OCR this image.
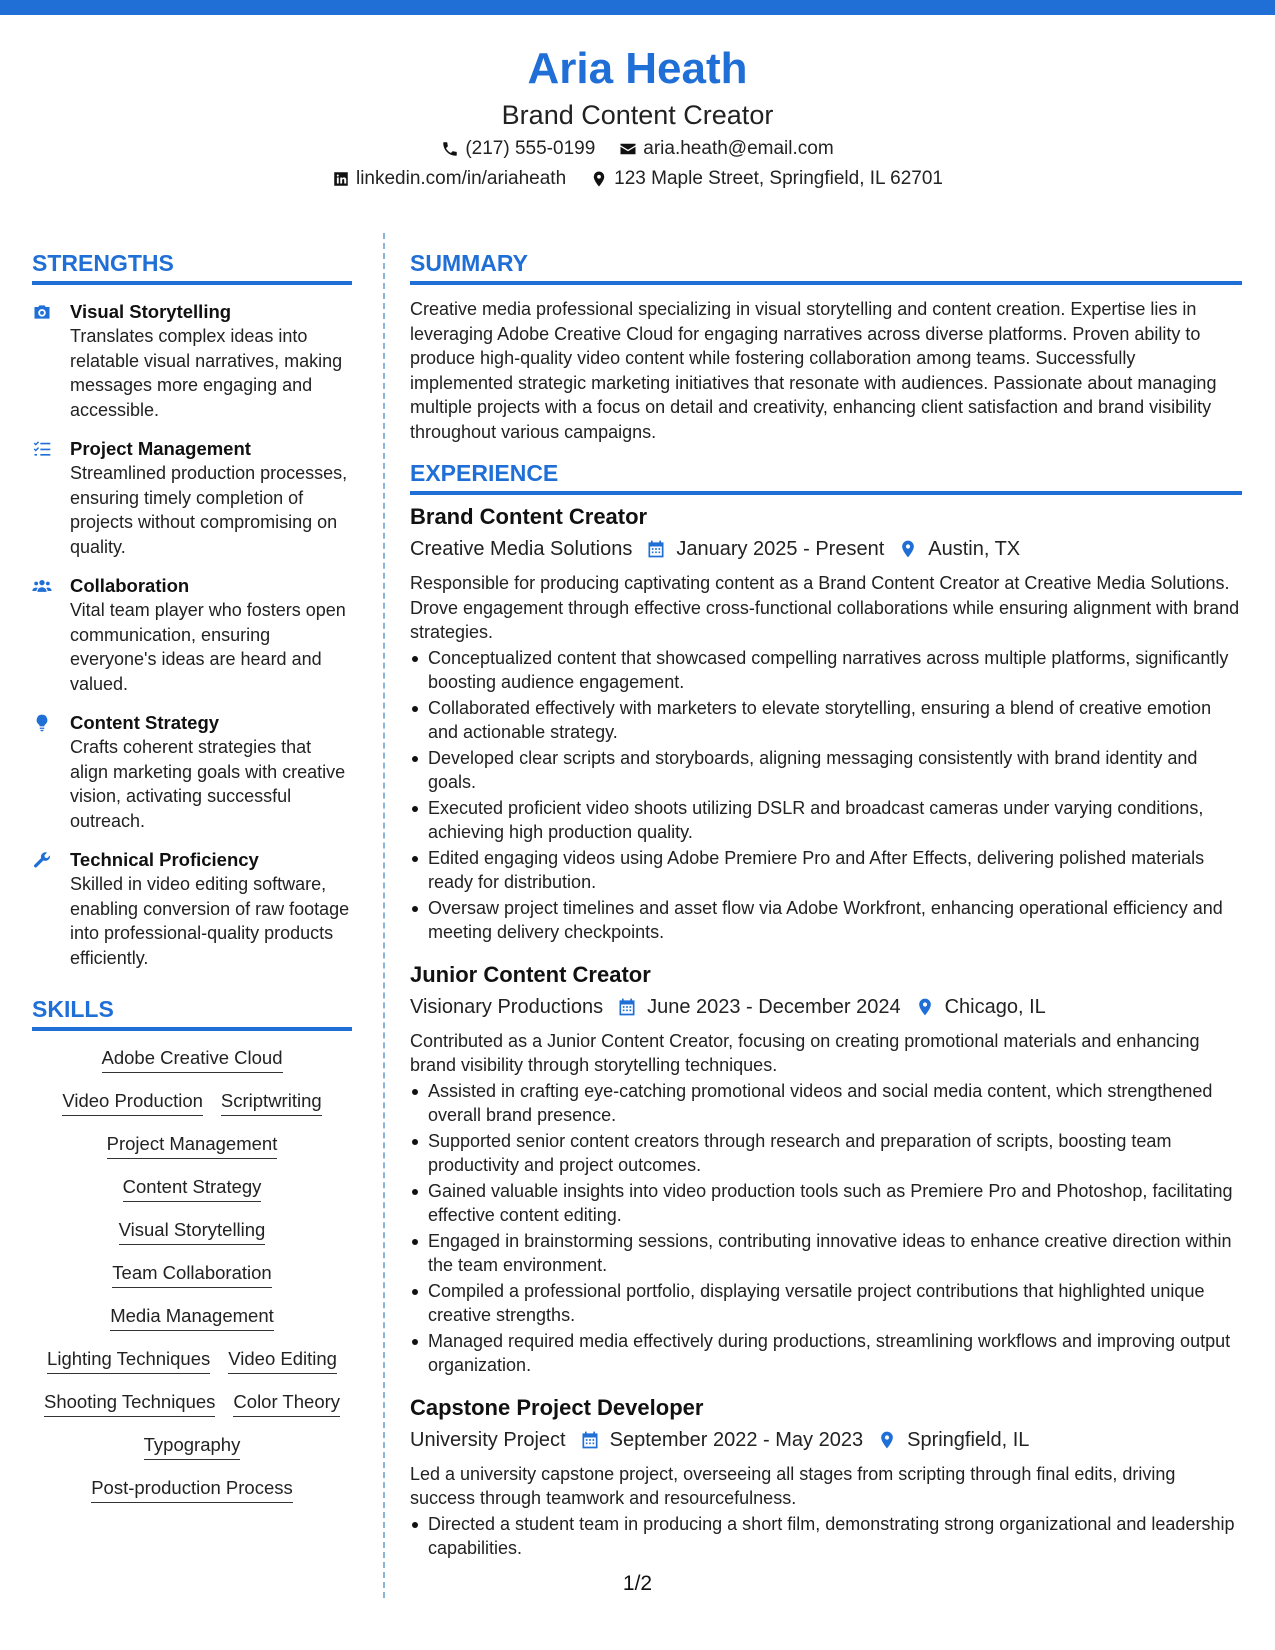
Aria Heath
Brand Content Creator
(217) 555-0199	aria.heath@email.com
linkedin.com/in/ariaheath	123 Maple Street, Springfield, IL 62701
STRENGTHS
Visual Storytelling
Translates complex ideas into relatable visual narratives, making messages more engaging and accessible.
Project Management
Streamlined production processes, ensuring timely completion of projects without compromising on quality.
Collaboration
Vital team player who fosters open communication, ensuring everyone's ideas are heard and valued.
Content Strategy
Crafts coherent strategies that align marketing goals with creative vision, activating successful outreach.
Technical Proficiency
Skilled in video editing software, enabling conversion of raw footage into professional-quality products efficiently.
SKILLS
Adobe Creative Cloud
Video Production Scriptwriting
Project Management
Content Strategy
Visual Storytelling
Team Collaboration
Media Management
Lighting Techniques Video Editing
Shooting Techniques Color Theory
Typography
Post-production Process
SUMMARY
Creative media professional specializing in visual storytelling and content creation. Expertise lies in leveraging Adobe Creative Cloud for engaging narratives across diverse platforms. Proven ability to produce high-quality video content while fostering collaboration among teams. Successfully implemented strategic marketing initiatives that resonate with audiences. Passionate about managing multiple projects with a focus on detail and creativity, enhancing client satisfaction and brand visibility throughout various campaigns.
EXPERIENCE
Brand Content Creator
Creative Media Solutions January 2025 - Present Austin, TX
Responsible for producing captivating content as a Brand Content Creator at Creative Media Solutions. Drove engagement through effective cross-functional collaborations while ensuring alignment with brand strategies.
Conceptualized content that showcased compelling narratives across multiple platforms, significantly boosting audience engagement.
Collaborated effectively with marketers to elevate storytelling, ensuring a blend of creative emotion and actionable strategy.
Developed clear scripts and storyboards, aligning messaging consistently with brand identity and goals.
Executed proficient video shoots utilizing DSLR and broadcast cameras under varying conditions, achieving high production quality.
Edited engaging videos using Adobe Premiere Pro and After Effects, delivering polished materials ready for distribution.
Oversaw project timelines and asset flow via Adobe Workfront, enhancing operational efficiency and meeting delivery checkpoints.
Junior Content Creator
Visionary Productions June 2023 - December 2024 Chicago, IL
Contributed as a Junior Content Creator, focusing on creating promotional materials and enhancing brand visibility through storytelling techniques.
Assisted in crafting eye-catching promotional videos and social media content, which strengthened overall brand presence.
Supported senior content creators through research and preparation of scripts, boosting team productivity and project outcomes.
Gained valuable insights into video production tools such as Premiere Pro and Photoshop, facilitating effective content editing.
Engaged in brainstorming sessions, contributing innovative ideas to enhance creative direction within the team environment.
Compiled a professional portfolio, displaying versatile project contributions that highlighted unique creative strengths.
Managed required media effectively during productions, streamlining workflows and improving output organization.
Capstone Project Developer
University Project September 2022 - May 2023 Springfield, IL
Led a university capstone project, overseeing all stages from scripting through final edits, driving success through teamwork and resourcefulness.
Directed a student team in producing a short film, demonstrating strong organizational and leadership capabilities.
1/2
